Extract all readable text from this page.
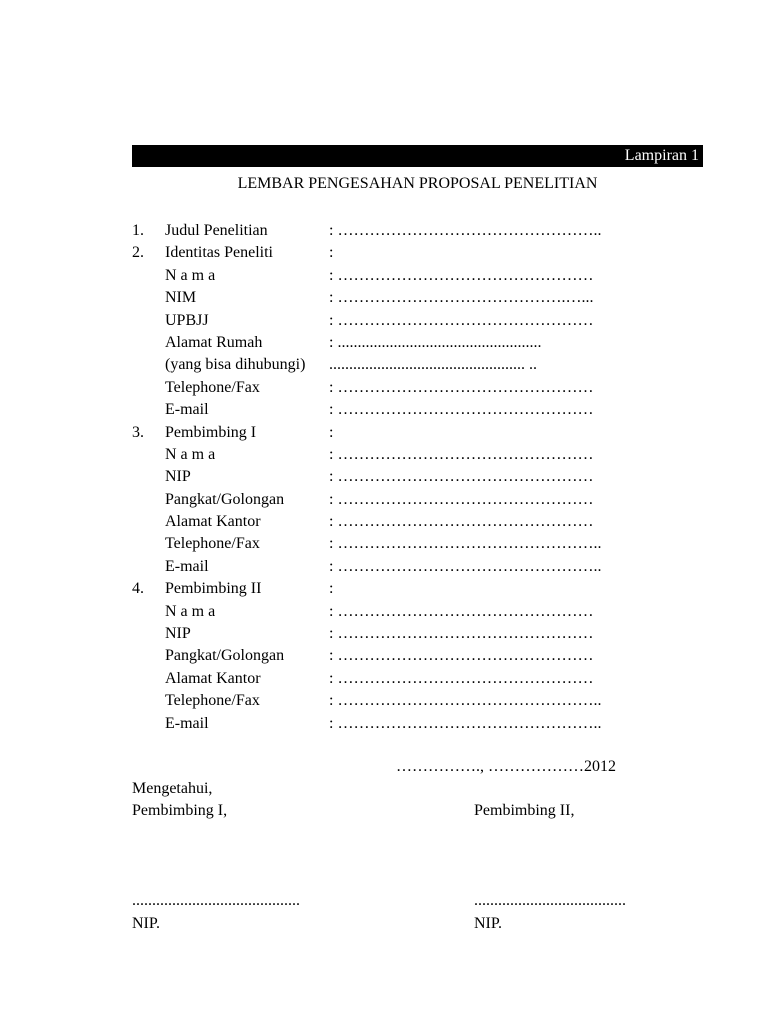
Lampiran 1
LEMBAR PENGESAHAN PROPOSAL PENELITIAN
1. Judul Penelitian	: …………………………………………..
2. Identitas Peneliti	:
N a m a	: …………………………………………
NIM	: …………………………………….…...
UPBJJ	: …………………………………………
Alamat Rumah	: ...................................................
(yang bisa dihubungi) ................................................. ..
Telephone/Fax	: …………………………………………
E-mail	: …………………………………………
3. Pembimbing I	:
N a m a	: …………………………………………
NIP	: …………………………………………
Pangkat/Golongan	: …………………………………………
Alamat Kantor	: …………………………………………
Telephone/Fax	: …………………………………………..
E-mail	: …………………………………………..
4. Pembimbing II	:
N a m a	: …………………………………………
NIP	: …………………………………………
Pangkat/Golongan	: …………………………………………
Alamat Kantor	: …………………………………………
Telephone/Fax	: …………………………………………..
E-mail	: …………………………………………..
……………., ………………2012
Mengetahui,
Pembimbing I,	Pembimbing II,
..........................................	......................................
NIP.	NIP.
